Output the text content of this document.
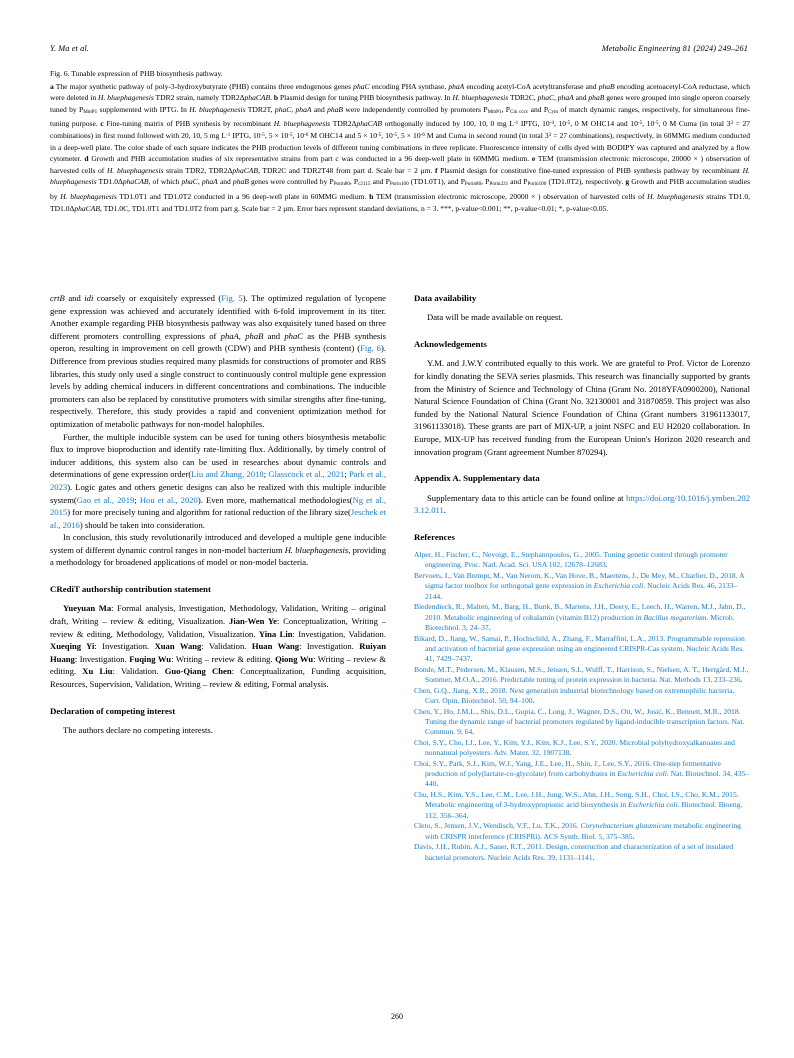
Y. Ma et al.	Metabolic Engineering 81 (2024) 249–261
Fig. 6. Tunable expression of PHB biosynthesis pathway.
a The major synthetic pathway of poly-3-hydroxybutyrate (PHB) contains three endogenous genes phaC encoding PHA synthase, phaA encoding acetyl-CoA acetyltransferase and phaB encoding acetoacetyl-CoA reductase, which were deleted in H. bluephagenesis TDR2 strain, namely TDR2ΔphaCAB. b Plasmid design for tuning PHB biosynthesis pathway. In H. bluephagenesis TDR2C, phaC, phaA and phaB genes were grouped into single operon coarsely tuned by $P_{MmP1}$ supplemented with IPTG. In H. bluephagenesis TDR2T, phaC, phaA and phaB were independently controlled by promoters $P_{MmP1}$, $P_{Cin cccc}$ and $P_{Cym}$ of match dynamic ranges, respectively, for simultaneous fine-tuning purpose. c Fine-tuning matrix of PHB synthesis by recombinant H. bluephagenesis TDR2ΔphaCAB orthogonally induced by 100, 10, 0 mg $L^{-1}$ IPTG, $10^{-4}$, $10^{-5}$, 0 M OHC14 and $10^{-5}$, $10^{-5}$, 0 M Cuma (in total $3^3 = 27$ combinations) in first round followed with 20, 10, 5 mg $L^{-1}$ IPTG, $10^{-5}$, $5 \times 10^{-5}$, $10^{-6}$ M OHC14 and $5 \times 10^{-5}$, $10^{-5}$, $5 \times 10^{-6}$ M and Cuma in second round (in total $3^3 = 27$ combinations), respectively, in 60MMG medium conducted in a deep-well plate. The color shade of each square indicates the PHB production levels of different tuning combinations in three replicate. Fluorescence intensity of cells dyed with BODIPY was captured and analyzed by a flow cytometer. d Growth and PHB accumulation studies of six representative strains from part c was conducted in a 96 deep-well plate in 60MMG medium. e TEM (transmission electronic microscope, 20000 × ) observation of harvested cells of H. bluephagenesis strain TDR2, TDR2ΔphaCAB, TDR2C and TDR2T48 from part d. Scale bar = 2 μm. f Plasmid design for constitutive fine-tuned expression of PHB synthesis pathway by recombinant H. bluephagenesis TD1.0ΔphaCAB, of which phaC, phaA and phaB genes were controlled by $P_{Porin80}$, $P_{c2115}$ and $P_{Porin100}$ (TD1.0T1), and $P_{Porin80}$, $P_{Porin221}$ and $P_{Porin100}$ (TD1.0T2), respectively. g Growth and PHB accumulation studies by H. bluephagenesis TD1.0T1 and TD1.0T2 conducted in a 96 deep-well plate in 60MMG medium. h TEM (transmission electronic microscope, 20000 × ) observation of harvested cells of H. bluephagenesis strains TD1.0, TD1.0ΔphaCAB, TD1.0C, TD1.0T1 and TD1.0T2 from part g. Scale bar = 2 μm. Error bars represent standard deviations, n = 3. ***, p-value<0.001; **, p-value<0.01; *, p-value<0.05.

crtB and idi coarsely or exquisitely expressed (Fig. 5). The optimized regulation of lycopene gene expression was achieved and accurately identified with 6-fold improvement in its titer. Another example regarding PHB biosynthesis pathway was also exquisitely tuned based on three different promoters controlling expressions of phaA, phaB and phaC as the PHB synthesis operon, resulting in improvement on cell growth (CDW) and PHB synthesis (content) (Fig. 6). Difference from previous studies required many plasmids for constructions of promoter and RBS libraries, this study only used a single construct to continuously control multiple gene expression levels by adding chemical inducers in different concentrations and combinations. The inducible promoters can also be replaced by constitutive promoters with similar strengths after fine-tuning, respectively. Therefore, this study provides a rapid and convenient optimization method for optimization of metabolic pathways for non-model halophiles.

Further, the multiple inducible system can be used for tuning others biosynthesis metabolic flux to improve bioproduction and identify rate-limiting flux. Additionally, by timely control of inducer additions, this system also can be used in researches about dynamic controls and determinations of gene expression order(Liu and Zhang, 2018; Glasscock et al., 2021; Park et al., 2023). Logic gates and others genetic designs can also be realized with this multiple inducible system(Gao et al., 2019; Hou et al., 2020). Even more, mathematical methodologies(Ng et al., 2015) for more precisely tuning and algorithm for rational reduction of the library size(Jeschek et al., 2016) should be taken into consideration.

In conclusion, this study revolutionarily introduced and developed a multiple gene inducible system of different dynamic control ranges in non-model bacterium H. bluephagenesis, providing a methodology for broadened applications of model or non-model bacteria.

CRediT authorship contribution statement

Yueyuan Ma: Formal analysis, Investigation, Methodology, Validation, Writing – original draft, Writing – review & editing, Visualization. Jian-Wen Ye: Conceptualization, Writing – review & editing, Methodology, Validation, Visualization. Yina Lin: Investigation, Validation. Xueqing Yi: Investigation. Xuan Wang: Validation. Huan Wang: Investigation. Ruiyan Huang: Investigation. Fuqing Wu: Writing – review & editing. Qiong Wu: Writing – review & editing. Xu Liu: Validation. Guo-Qiang Chen: Conceptualization, Funding acquisition, Resources, Supervision, Validation, Writing – review & editing, Formal analysis.

Declaration of competing interest

The authors declare no competing interests.

Data availability

Data will be made available on request.

Acknowledgements

Y.M. and J.W.Y contributed equally to this work. We are grateful to Prof. Victor de Lorenzo for kindly donating the SEVA series plasmids. This research was financially supported by grants from the Ministry of Science and Technology of China (Grant No. 2018YFA0900200), National Natural Science Foundation of China (Grant No. 32130001 and 31870859. This project was also funded by the National Natural Science Foundation of China (Grant numbers 31961133017, 31961133018). These grants are part of MIX-UP, a joint NSFC and EU H2020 collaboration. In Europe, MIX-UP has received funding from the European Union's Horizon 2020 research and innovation program (Grant agreement Number 870294).

Appendix A. Supplementary data

Supplementary data to this article can be found online at https://doi.org/10.1016/j.ymben.2023.12.011.

References
Alper, H., Fischer, C., Nevoigt, E., Stephanopoulos, G., 2005. Tuning genetic control through promoter engineering. Proc. Natl. Acad. Sci. USA 102, 12678–12683.
Bervoets, I., Van Brempt, M., Van Nerom, K., Van Hove, B., Maertens, J., De Mey, M., Charlier, D., 2018. A sigma factor toolbox for orthogonal gene expression in Escherichia coli. Nucleic Acids Res. 46, 2133–2144.
Biedendieck, R., Malten, M., Barg, H., Bunk, B., Martens, J.H., Deery, E., Leech, H., Warren, M.J., Jahn, D., 2010. Metabolic engineering of cobalamin (vitamin B12) production in Bacillus megaterium. Microb. Biotechnol. 3, 24–37.
Bikard, D., Jiang, W., Samai, P., Hochschild, A., Zhang, F., Marraffini, L.A., 2013. Programmable repression and activation of bacterial gene expression using an engineered CRISPR-Cas system. Nucleic Acids Res. 41, 7429–7437.
Bonde, M.T., Pedersen, M., Klausen, M.S., Jensen, S.I., Wulff, T., Harrison, S., Nielsen, A. T., Herrgård, M.J., Sommer, M.O.A., 2016. Predictable tuning of protein expression in bacteria. Nat. Methods 13, 233–236.
Chen, G.Q., Jiang, X.R., 2018. Next generation industrial biotechnology based on extremophilic bacteria. Curr. Opin. Biotechnol. 50, 94–100.
Chen, Y., Ho, J.M.L., Shis, D.L., Gupta, C., Long, J., Wagner, D.S., Ott, W., Josić, K., Bennett, M.R., 2018. Tuning the dynamic range of bacterial promoters regulated by ligand-inducible transcription factors. Nat. Commun. 9, 64.
Choi, S.Y., Cho, I.J., Lee, Y., Kim, Y.J., Kim, K.J., Lee, S.Y., 2020. Microbial polyhydroxyalkanoates and nonnatural polyesters. Adv. Mater. 32, 1907138.
Choi, S.Y., Park, S.J., Kim, W.J., Yang, J.E., Lee, H., Shin, J., Lee, S.Y., 2016. One-step fermentative production of poly(lactate-co-glycolate) from carbohydrates in Escherichia coli. Nat. Biotechnol. 34, 435–440.
Chu, H.S., Kim, Y.S., Lee, C.M., Lee, J.H., Jung, W.S., Ahn, J.H., Song, S.H., Choi, I.S., Cho, K.M., 2015. Metabolic engineering of 3-hydroxypropionic acid biosynthesis in Escherichia coli. Biotechnol. Bioeng. 112, 356–364.
Cleto, S., Jensen, J.V., Wendisch, V.F., Lu, T.K., 2016. Corynebacterium glutamicum metabolic engineering with CRISPR interference (CRISPRi). ACS Synth. Biol. 5, 375–385.
Davis, J.H., Rubin, A.J., Sauer, R.T., 2011. Design, construction and characterization of a set of insulated bacterial promoters. Nucleic Acids Res. 39, 1131–1141.
260
